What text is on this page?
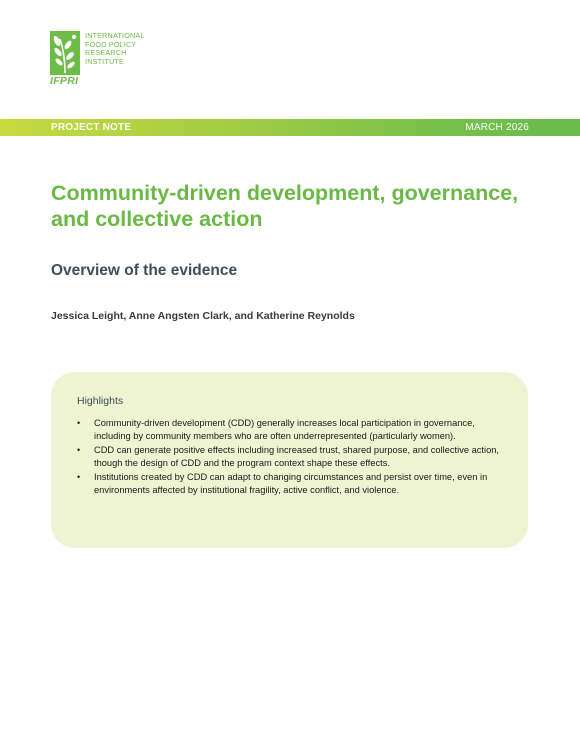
INTERNATIONAL
FOOD POLICY
RESEARCH
INSTITUTE
IFPRI
PROJECT NOTE	MARCH 2026
Community-driven development, governance, and collective action
Overview of the evidence

Jessica Leight, Anne Angsten Clark, and Katherine Reynolds

Highlights
• Community-driven development (CDD) generally increases local participation in governance, including by community members who are often underrepresented (particularly women).
• CDD can generate positive effects including increased trust, shared purpose, and collective action, though the design of CDD and the program context shape these effects.
• Institutions created by CDD can adapt to changing circumstances and persist over time, even in environments affected by institutional fragility, active conflict, and violence.
